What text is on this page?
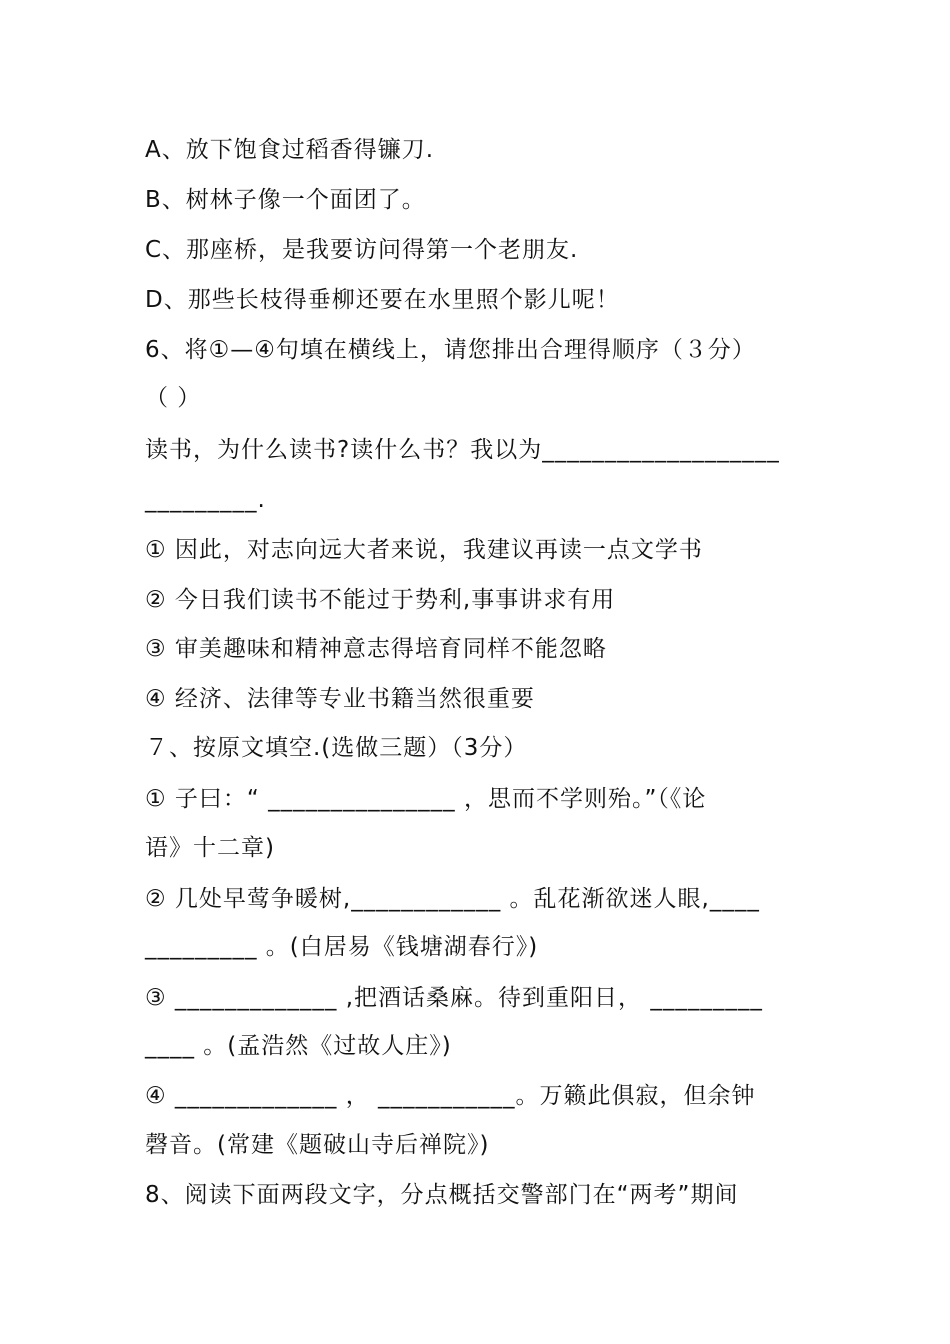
A、放下饱食过稻香得镰刀.
B、树林子像一个面团了。
C、那座桥，是我要访问得第一个老朋友.
D、那些长枝得垂柳还要在水里照个影儿呢！
6、将①—④句填在横线上，请您排出合理得顺序（３分）
（ ）
读书，为什么读书?读什么书？我以为___________________
_________.
① 因此，对志向远大者来说，我建议再读一点文学书
② 今日我们读书不能过于势利,事事讲求有用
③ 审美趣味和精神意志得培育同样不能忽略
④ 经济、法律等专业书籍当然很重要
７、按原文填空.(选做三题）（3分）
① 子曰：“ _______________ ，思而不学则殆。”（《论
语》十二章)
② 几处早莺争暖树,____________ 。乱花渐欲迷人眼,____
_________ 。(白居易《钱塘湖春行》)
③ _____________ ,把酒话桑麻。待到重阳日， _________
____ 。(孟浩然《过故人庄》)
④ _____________ ， ___________。万籁此俱寂，但余钟
磬音。(常建《题破山寺后禅院》)
8、阅读下面两段文字，分点概括交警部门在“两考”期间
